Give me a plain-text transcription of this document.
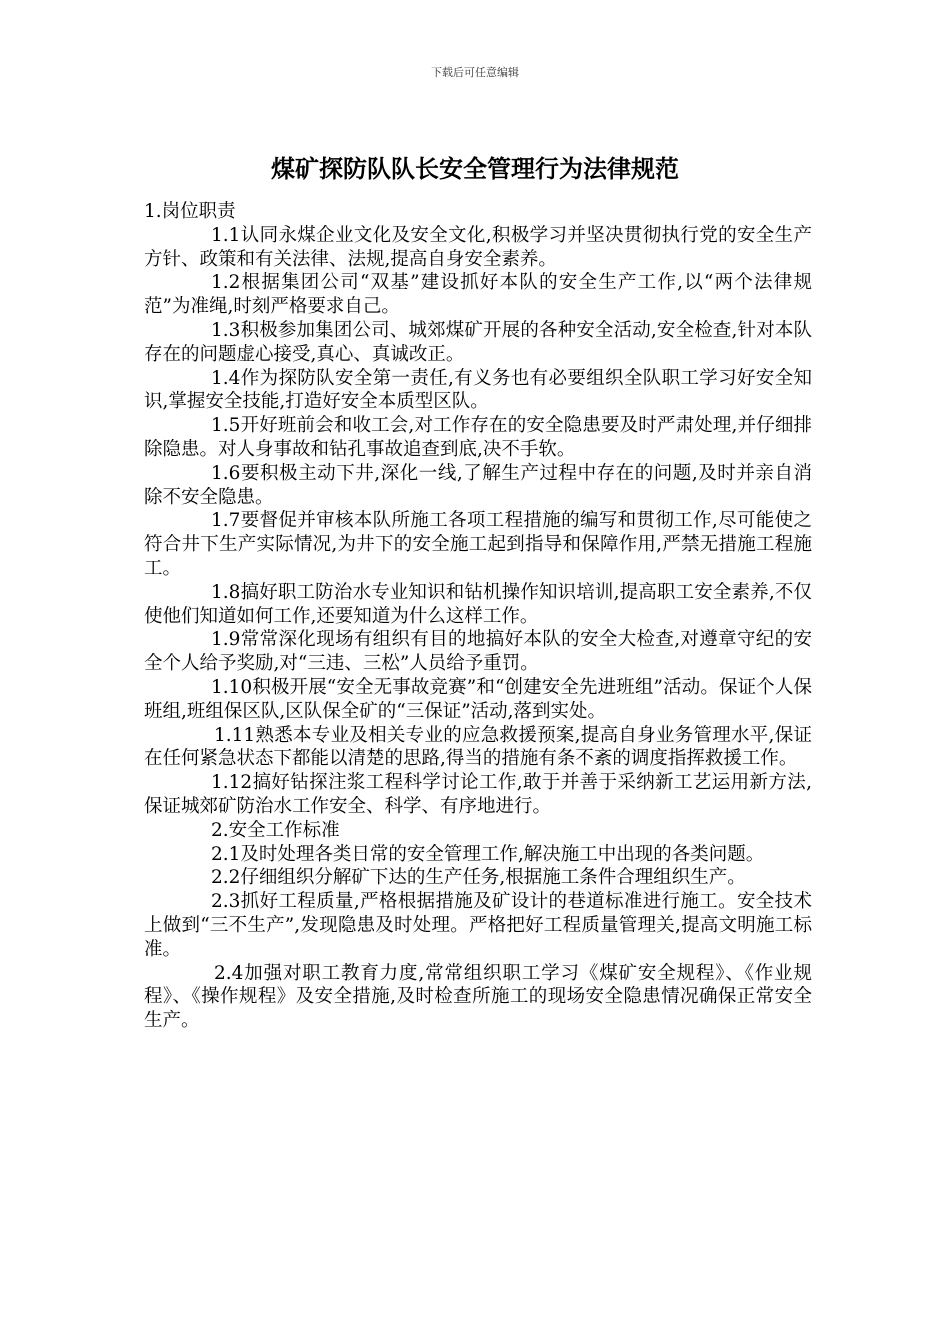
下载后可任意编辑
煤矿探防队队长安全管理行为法律规范

1.岗位职责

1.1认同永煤企业文化及安全文化,积极学习并坚决贯彻执行党的安全生产方针、政策和有关法律、法规,提高自身安全素养。

1.2根据集团公司“双基”建设抓好本队的安全生产工作,以“两个法律规范”为准绳,时刻严格要求自己。

1.3积极参加集团公司、城郊煤矿开展的各种安全活动,安全检查,针对本队存在的问题虚心接受,真心、真诚改正。

1.4作为探防队安全第一责任,有义务也有必要组织全队职工学习好安全知识,掌握安全技能,打造好安全本质型区队。

1.5开好班前会和收工会,对工作存在的安全隐患要及时严肃处理,并仔细排除隐患。对人身事故和钻孔事故追查到底,决不手软。

1.6要积极主动下井,深化一线,了解生产过程中存在的问题,及时并亲自消除不安全隐患。

1.7要督促并审核本队所施工各项工程措施的编写和贯彻工作,尽可能使之符合井下生产实际情况,为井下的安全施工起到指导和保障作用,严禁无措施工程施工。

1.8搞好职工防治水专业知识和钻机操作知识培训,提高职工安全素养,不仅使他们知道如何工作,还要知道为什么这样工作。

1.9常常深化现场有组织有目的地搞好本队的安全大检查,对遵章守纪的安全个人给予奖励,对“三违、三松”人员给予重罚。

1.10积极开展“安全无事故竞赛”和“创建安全先进班组”活动。保证个人保班组,班组保区队,区队保全矿的“三保证”活动,落到实处。

1.11熟悉本专业及相关专业的应急救援预案,提高自身业务管理水平,保证在任何紧急状态下都能以清楚的思路,得当的措施有条不紊的调度指挥救援工作。

1.12搞好钻探注浆工程科学讨论工作,敢于并善于采纳新工艺运用新方法,保证城郊矿防治水工作安全、科学、有序地进行。

2.安全工作标准

2.1及时处理各类日常的安全管理工作,解决施工中出现的各类问题。

2.2仔细组织分解矿下达的生产任务,根据施工条件合理组织生产。

2.3抓好工程质量,严格根据措施及矿设计的巷道标准进行施工。安全技术上做到“三不生产”,发现隐患及时处理。严格把好工程质量管理关,提高文明施工标准。

2.4加强对职工教育力度,常常组织职工学习《煤矿安全规程》、《作业规程》、《操作规程》及安全措施,及时检查所施工的现场安全隐患情况确保正常安全生产。
